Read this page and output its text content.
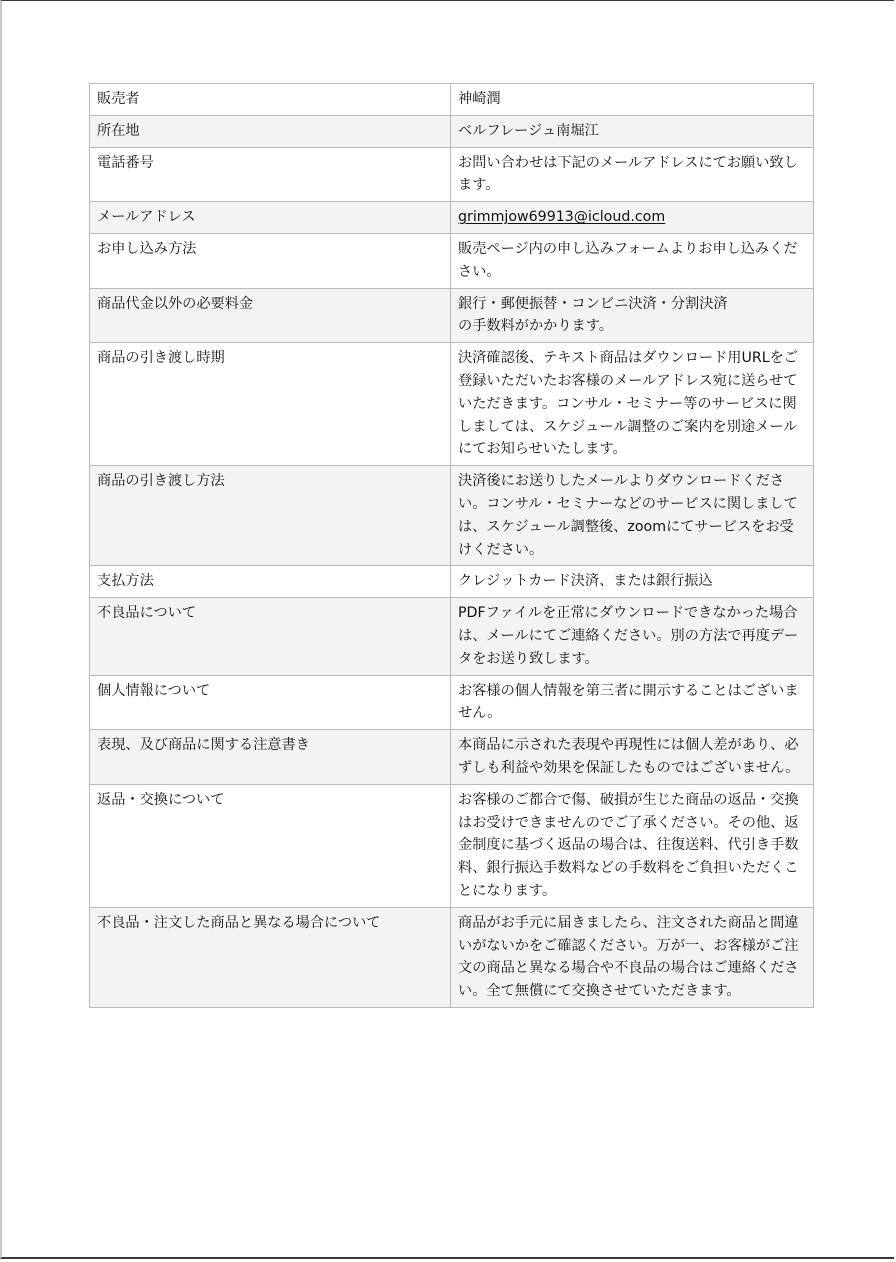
販売者	神崎潤
所在地	ベルフレージュ南堀江
電話番号	お問い合わせは下記のメールアドレスにてお願い致します。
メールアドレス	grimmjow69913@icloud.com
お申し込み方法	販売ページ内の申し込みフォームよりお申し込みください。
商品代金以外の必要料金	銀行・郵便振替・コンビニ決済・分割決済
の手数料がかかります。
商品の引き渡し時期	決済確認後、テキスト商品はダウンロード用URLをご登録いただいたお客様のメールアドレス宛に送らせていただきます。コンサル・セミナー等のサービスに関しましては、スケジュール調整のご案内を別途メールにてお知らせいたします。
商品の引き渡し方法	決済後にお送りしたメールよりダウンロードください。コンサル・セミナーなどのサービスに関しましては、スケジュール調整後、zoomにてサービスをお受けください。
支払方法	クレジットカード決済、または銀行振込
不良品について	PDFファイルを正常にダウンロードできなかった場合は、メールにてご連絡ください。別の方法で再度データをお送り致します。
個人情報について	お客様の個人情報を第三者に開示することはございません。
表現、及び商品に関する注意書き	本商品に示された表現や再現性には個人差があり、必ずしも利益や効果を保証したものではございません。
返品・交換について	お客様のご都合で傷、破損が生じた商品の返品・交換はお受けできませんのでご了承ください。その他、返金制度に基づく返品の場合は、往復送料、代引き手数料、銀行振込手数料などの手数料をご負担いただくことになります。
不良品・注文した商品と異なる場合について	商品がお手元に届きましたら、注文された商品と間違いがないかをご確認ください。万が一、お客様がご注文の商品と異なる場合や不良品の場合はご連絡ください。全て無償にて交換させていただきます。
